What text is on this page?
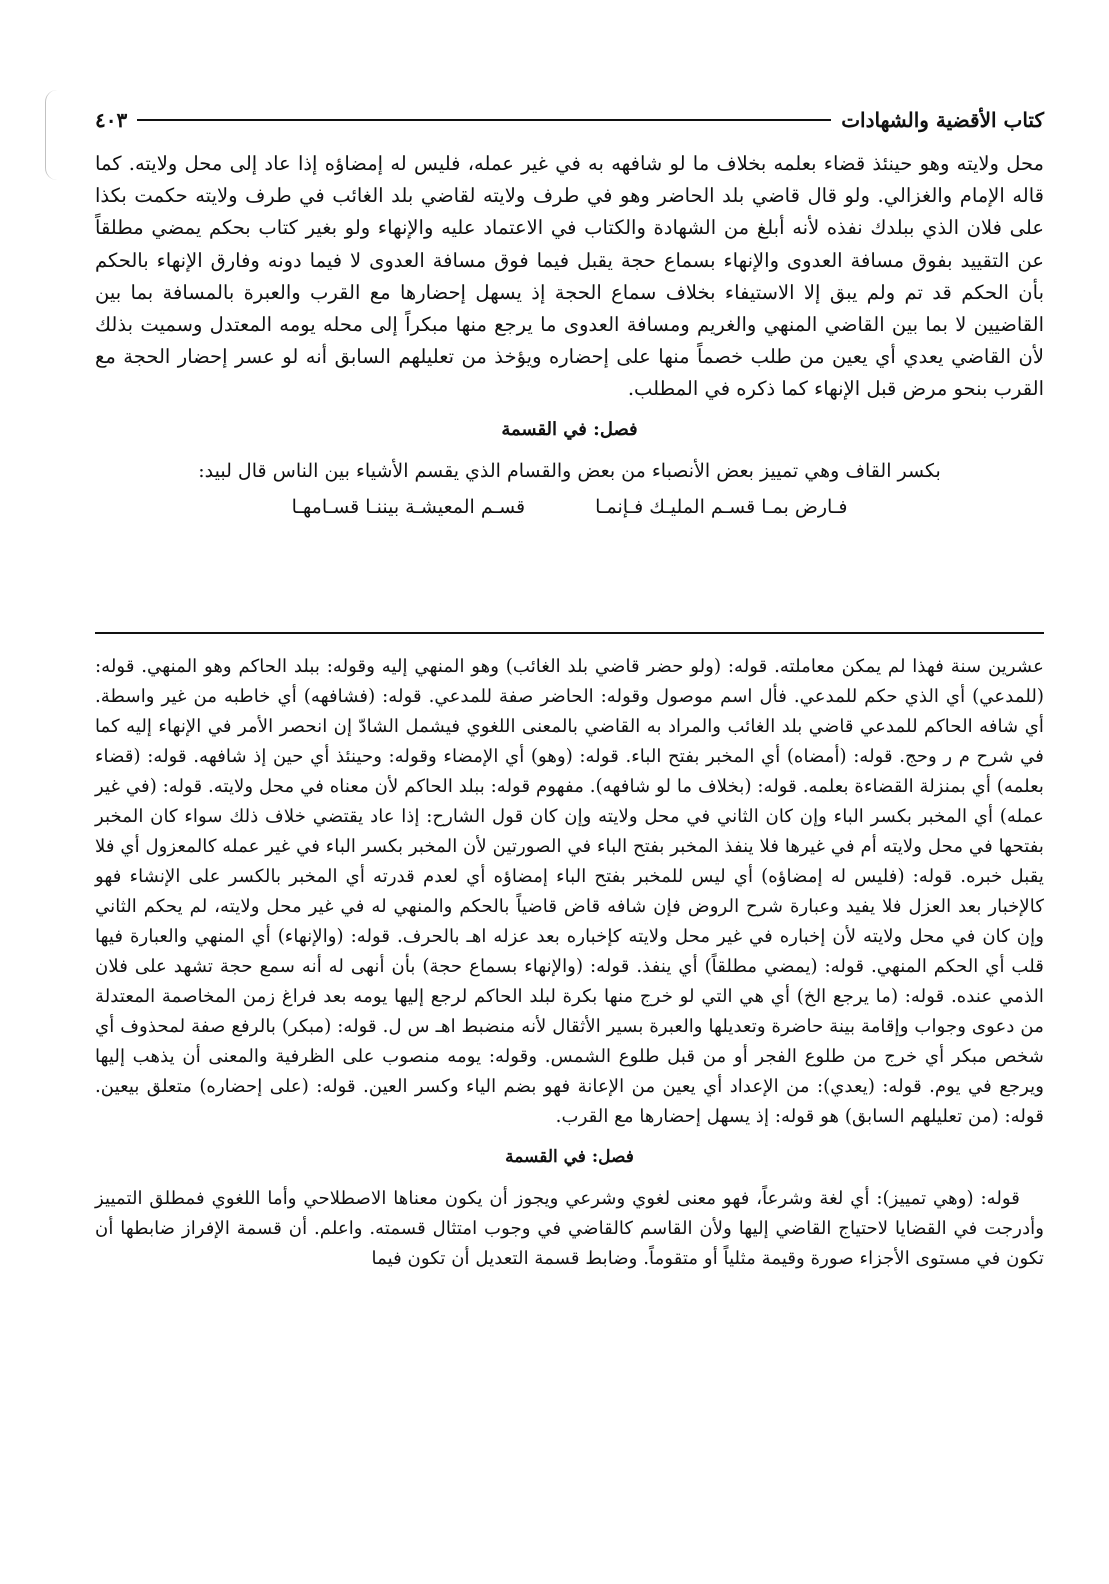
كتاب الأقضية والشهادات
٤٠٣

محل ولايته وهو حينئذ قضاء بعلمه بخلاف ما لو شافهه به في غير عمله، فليس له إمضاؤه إذا عاد إلى محل ولايته. كما قاله الإمام والغزالي. ولو قال قاضي بلد الحاضر وهو في طرف ولايته لقاضي بلد الغائب في طرف ولايته حكمت بكذا على فلان الذي ببلدك نفذه لأنه أبلغ من الشهادة والكتاب في الاعتماد عليه والإنهاء ولو بغير كتاب بحكم يمضي مطلقاً عن التقييد بفوق مسافة العدوى والإنهاء بسماع حجة يقبل فيما فوق مسافة العدوى لا فيما دونه وفارق الإنهاء بالحكم بأن الحكم قد تم ولم يبق إلا الاستيفاء بخلاف سماع الحجة إذ يسهل إحضارها مع القرب والعبرة بالمسافة بما بين القاضيين لا بما بين القاضي المنهي والغريم ومسافة العدوى ما يرجع منها مبكراً إلى محله يومه المعتدل وسميت بذلك لأن القاضي يعدي أي يعين من طلب خصماً منها على إحضاره ويؤخذ من تعليلهم السابق أنه لو عسر إحضار الحجة مع القرب بنحو مرض قبل الإنهاء كما ذكره في المطلب.

فصل: في القسمة
بكسر القاف وهي تمييز بعض الأنصباء من بعض والقسام الذي يقسم الأشياء بين الناس قال لبيد:
فـارض بمـا قسـم المليـك فـإنمـا
قسـم المعيشـة بيننـا قسـامهـا

عشرين سنة فهذا لم يمكن معاملته. قوله: (ولو حضر قاضي بلد الغائب) وهو المنهي إليه وقوله: ببلد الحاكم وهو المنهي. قوله: (للمدعي) أي الذي حكم للمدعي. فأل اسم موصول وقوله: الحاضر صفة للمدعي. قوله: (فشافهه) أي خاطبه من غير واسطة. أي شافه الحاكم للمدعي قاضي بلد الغائب والمراد به القاضي بالمعنى اللغوي فيشمل الشادّ إن انحصر الأمر في الإنهاء إليه كما في شرح م ر وحج. قوله: (أمضاه) أي المخبر بفتح الباء. قوله: (وهو) أي الإمضاء وقوله: وحينئذ أي حين إذ شافهه. قوله: (قضاء بعلمه) أي بمنزلة القضاءة بعلمه. قوله: (بخلاف ما لو شافهه). مفهوم قوله: ببلد الحاكم لأن معناه في محل ولايته. قوله: (في غير عمله) أي المخبر بكسر الباء وإن كان الثاني في محل ولايته وإن كان قول الشارح: إذا عاد يقتضي خلاف ذلك سواء كان المخبر بفتحها في محل ولايته أم في غيرها فلا ينفذ المخبر بفتح الباء في الصورتين لأن المخبر بكسر الباء في غير عمله كالمعزول أي فلا يقبل خبره. قوله: (فليس له إمضاؤه) أي ليس للمخبر بفتح الباء إمضاؤه أي لعدم قدرته أي المخبر بالكسر على الإنشاء فهو كالإخبار بعد العزل فلا يفيد وعبارة شرح الروض فإن شافه قاض قاضياً بالحكم والمنهي له في غير محل ولايته، لم يحكم الثاني وإن كان في محل ولايته لأن إخباره في غير محل ولايته كإخباره بعد عزله اهـ بالحرف. قوله: (والإنهاء) أي المنهي والعبارة فيها قلب أي الحكم المنهي. قوله: (يمضي مطلقاً) أي ينفذ. قوله: (والإنهاء بسماع حجة) بأن أنهى له أنه سمع حجة تشهد على فلان الذمي عنده. قوله: (ما يرجع الخ) أي هي التي لو خرج منها بكرة لبلد الحاكم لرجع إليها يومه بعد فراغ زمن المخاصمة المعتدلة من دعوى وجواب وإقامة بينة حاضرة وتعديلها والعبرة بسير الأثقال لأنه منضبط اهـ س ل. قوله: (مبكر) بالرفع صفة لمحذوف أي شخص مبكر أي خرج من طلوع الفجر أو من قبل طلوع الشمس. وقوله: يومه منصوب على الظرفية والمعنى أن يذهب إليها ويرجع في يوم. قوله: (يعدي): من الإعداد أي يعين من الإعانة فهو بضم الياء وكسر العين. قوله: (على إحضاره) متعلق بيعين. قوله: (من تعليلهم السابق) هو قوله: إذ يسهل إحضارها مع القرب.

فصل: في القسمة

قوله: (وهي تمييز): أي لغة وشرعاً، فهو معنى لغوي وشرعي ويجوز أن يكون معناها الاصطلاحي وأما اللغوي فمطلق التمييز وأدرجت في القضايا لاحتياج القاضي إليها ولأن القاسم كالقاضي في وجوب امتثال قسمته. واعلم. أن قسمة الإفراز ضابطها أن تكون في مستوى الأجزاء صورة وقيمة مثلياً أو متقوماً. وضابط قسمة التعديل أن تكون فيما
